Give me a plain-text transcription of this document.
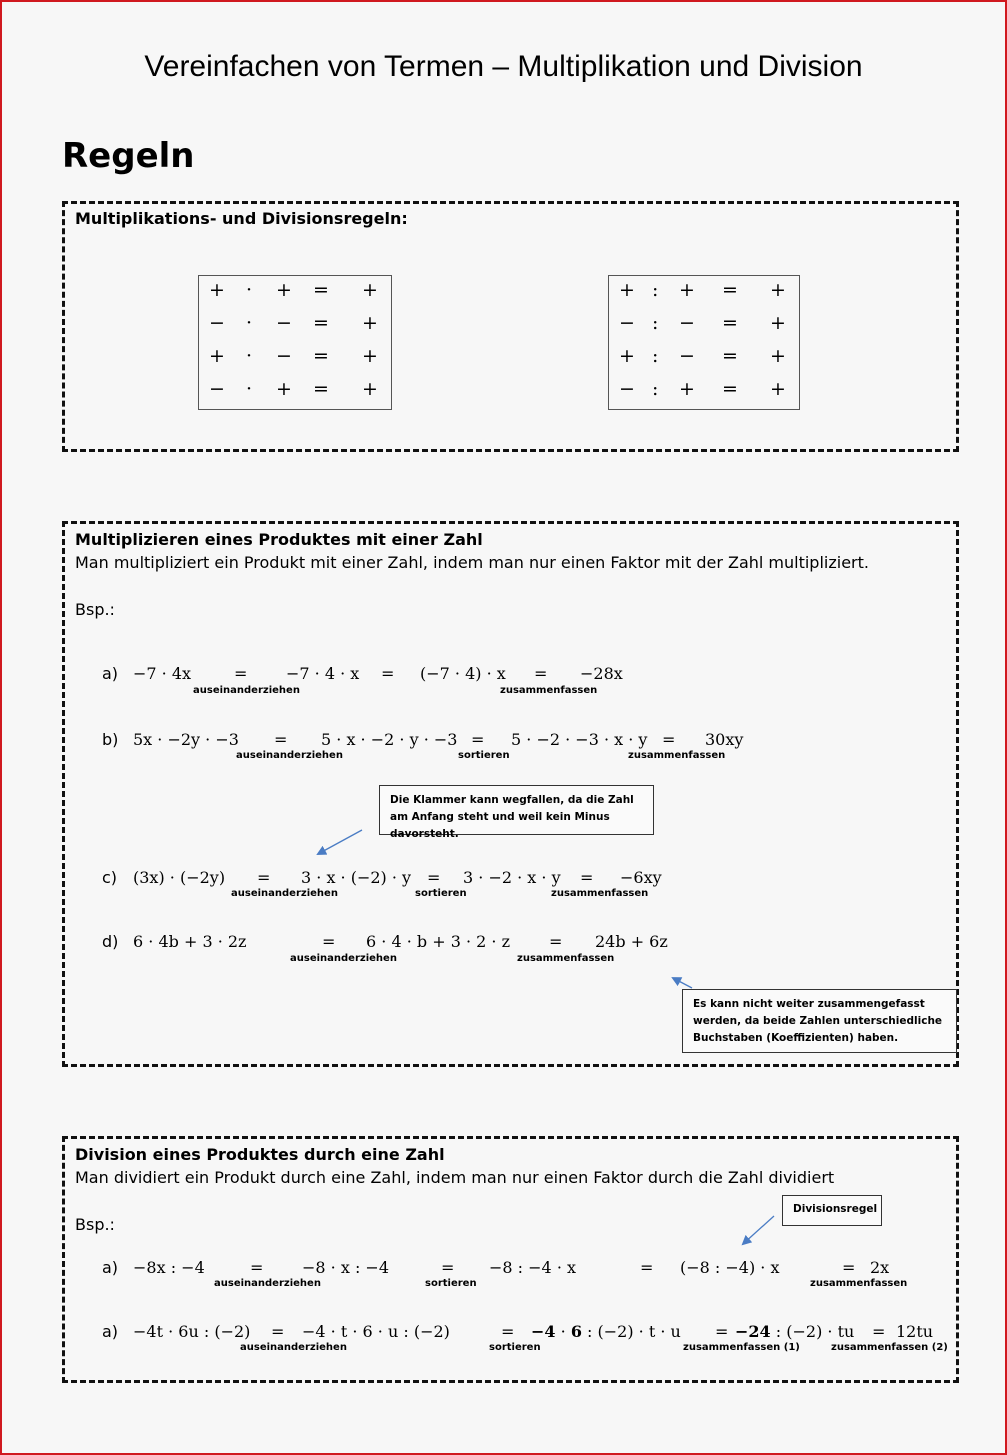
Vereinfachen von Termen – Multiplikation und Division
Regeln
Multiplikations- und Divisionsregeln:
+ · + = +
− · − = +
+ · − = +
− · + = +
+ : + = +
− : − = +
+ : − = +
− : + = +
Multiplizieren eines Produktes mit einer Zahl
Man multipliziert ein Produkt mit einer Zahl, indem man nur einen Faktor mit der Zahl multipliziert.
Bsp.:
a) −7 · 4x	= −7 · 4 · x = (−7 · 4) · x = −28x
auseinanderziehen	zusammenfassen
b) 5x · −2y · −3 = 5 · x · −2 · y · −3 = 5 · −2 · −3 · x · y = 30xy
auseinanderziehen	sortieren	zusammenfassen
Die Klammer kann wegfallen, da die Zahl am Anfang steht und weil kein Minus davorsteht.
c) (3x) · (−2y) = 3 · x · (−2) · y = 3 · −2 · x · y = −6xy
auseinanderziehen	sortieren	zusammenfassen
d) 6 · 4b + 3 · 2z	= 6 · 4 · b + 3 · 2 · z = 24b + 6z
auseinanderziehen	zusammenfassen
Es kann nicht weiter zusammengefasst werden, da beide Zahlen unterschiedliche Buchstaben (Koeffizienten) haben.
Division eines Produktes durch eine Zahl
Man dividiert ein Produkt durch eine Zahl, indem man nur einen Faktor durch die Zahl dividiert
Bsp.:
Divisionsregel
a) −8x : −4	= −8 · x : −4	= −8 : −4 · x	= (−8 : −4) · x	= 2x
auseinanderziehen	sortieren	zusammenfassen
a) −4t · 6u : (−2) = −4 · t · 6 · u : (−2)	= −4 · 6 : (−2) · t · u = −24 : (−2) · tu = 12tu
auseinanderziehen	sortieren	zusammenfassen (1)	zusammenfassen (2)
